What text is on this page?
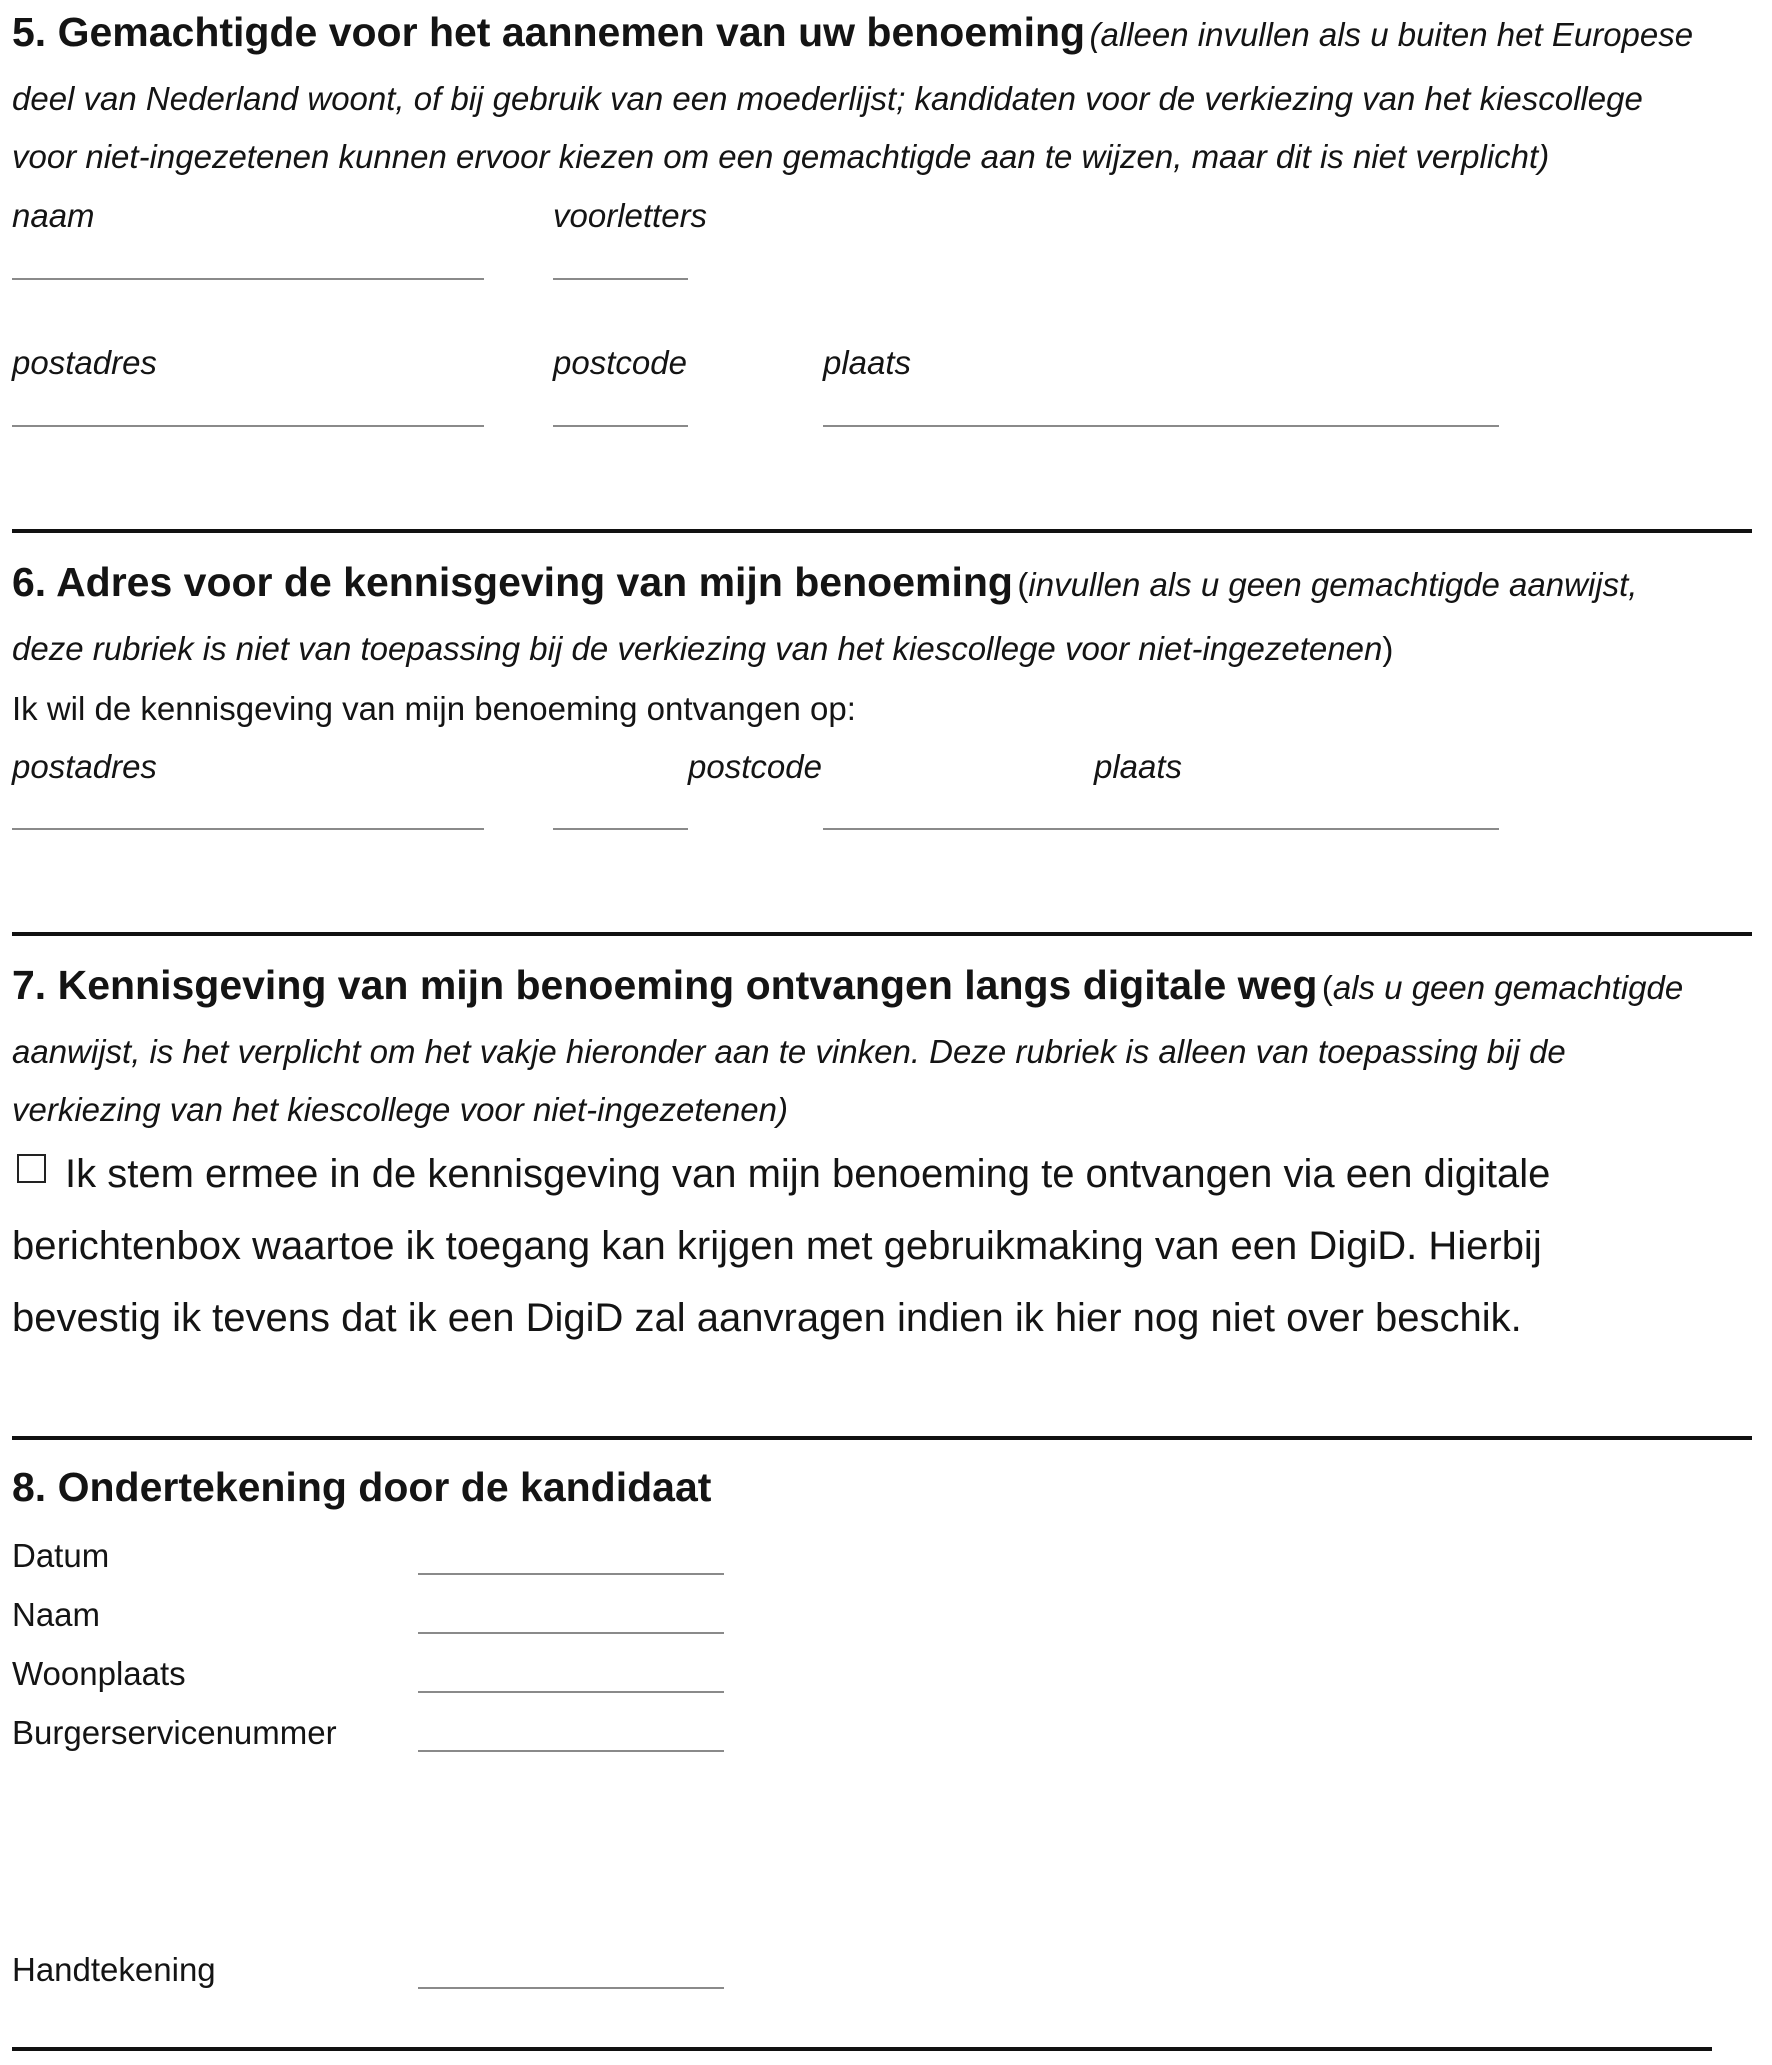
5. Gemachtigde voor het aannemen van uw benoeming (alleen invullen als u buiten het Europese
deel van Nederland woont, of bij gebruik van een moederlijst; kandidaten voor de verkiezing van het kiescollege
voor niet-ingezetenen kunnen ervoor kiezen om een gemachtigde aan te wijzen, maar dit is niet verplicht)
naam	voorletters
postadres	postcode	plaats
6. Adres voor de kennisgeving van mijn benoeming (invullen als u geen gemachtigde aanwijst,
deze rubriek is niet van toepassing bij de verkiezing van het kiescollege voor niet-ingezetenen)
Ik wil de kennisgeving van mijn benoeming ontvangen op:
postadres	postcode	plaats
7. Kennisgeving van mijn benoeming ontvangen langs digitale weg (als u geen gemachtigde
aanwijst, is het verplicht om het vakje hieronder aan te vinken. Deze rubriek is alleen van toepassing bij de
verkiezing van het kiescollege voor niet-ingezetenen)
Ik stem ermee in de kennisgeving van mijn benoeming te ontvangen via een digitale
berichtenbox waartoe ik toegang kan krijgen met gebruikmaking van een DigiD. Hierbij
bevestig ik tevens dat ik een DigiD zal aanvragen indien ik hier nog niet over beschik.
8. Ondertekening door de kandidaat
Datum
Naam
Woonplaats
Burgerservicenummer
Handtekening
